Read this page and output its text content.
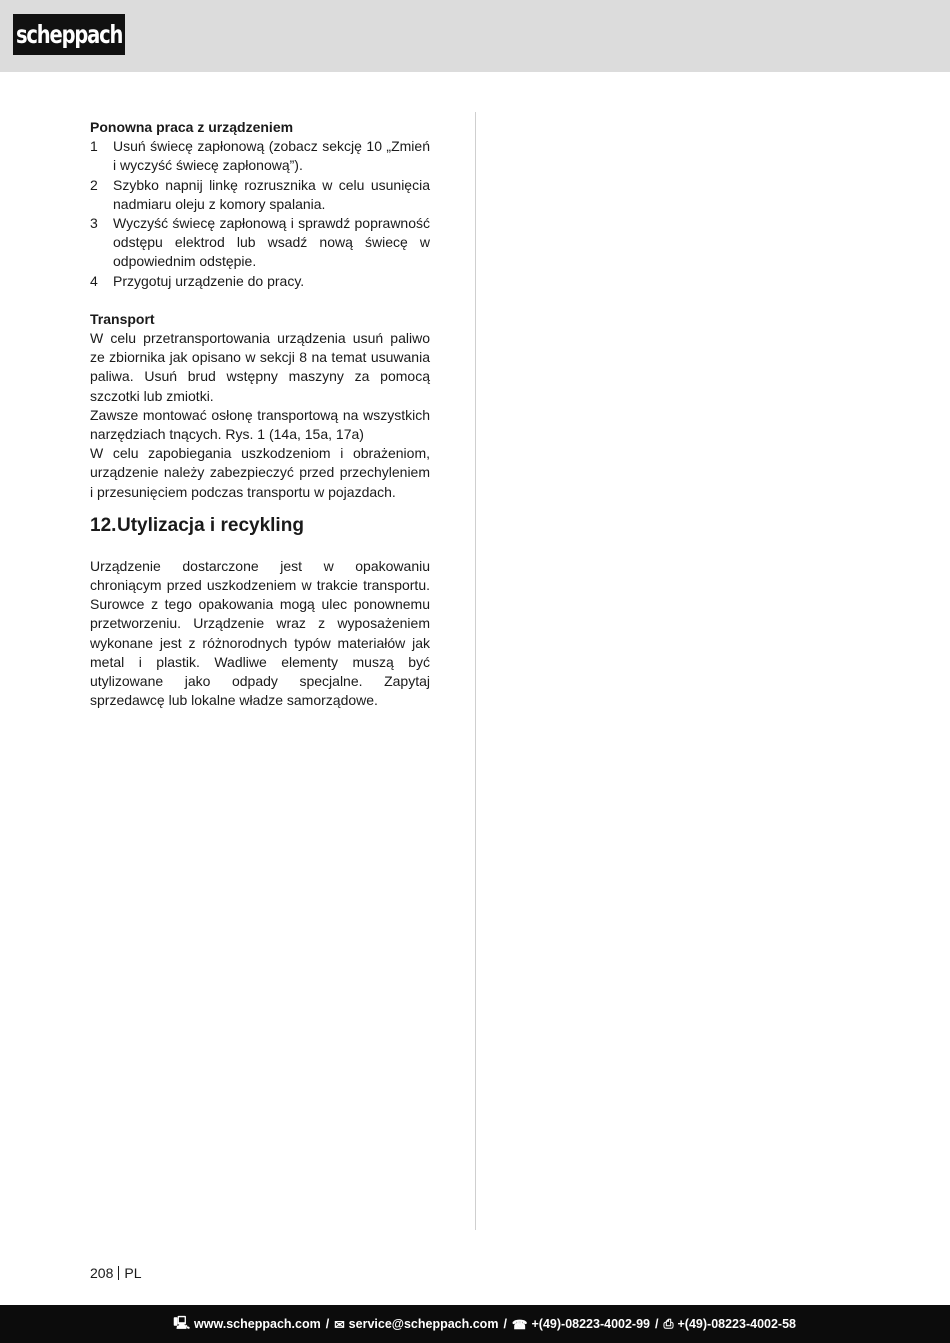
scheppach

Ponowna praca z urządzeniem

1 Usuń świecę zapłonową (zobacz sekcję 10 „Zmień i wyczyść świecę zapłonową”).
2 Szybko napnij linkę rozrusznika w celu usunięcia nadmiaru oleju z komory spalania.
3 Wyczyść świecę zapłonową i sprawdź poprawność odstępu elektrod lub wsadź nową świecę w odpowiednim odstępie.
4 Przygotuj urządzenie do pracy.

Transport

W celu przetransportowania urządzenia usuń paliwo ze zbiornika jak opisano w sekcji 8 na temat usuwania paliwa. Usuń brud wstępny maszyny za pomocą szczotki lub zmiotki.

Zawsze montować osłonę transportową na wszystkich narzędziach tnących. Rys. 1 (14a, 15a, 17a)

W celu zapobiegania uszkodzeniom i obrażeniom, urządzenie należy zabezpieczyć przed przechyleniem i przesunięciem podczas transportu w pojazdach.

12. Utylizacja i recykling

Urządzenie dostarczone jest w opakowaniu chroniącym przed uszkodzeniem w trakcie transportu. Surowce z tego opakowania mogą ulec ponownemu przetworzeniu. Urządzenie wraz z wyposażeniem wykonane jest z różnorodnych typów materiałów jak metal i plastik. Wadliwe elementy muszą być utylizowane jako odpady specjalne. Zapytaj sprzedawcę lub lokalne władze samorządowe.

208 PL
🖳 www.scheppach.com / ✉ service@scheppach.com / ☎ +(49)-08223-4002-99 / ⎙ +(49)-08223-4002-58
